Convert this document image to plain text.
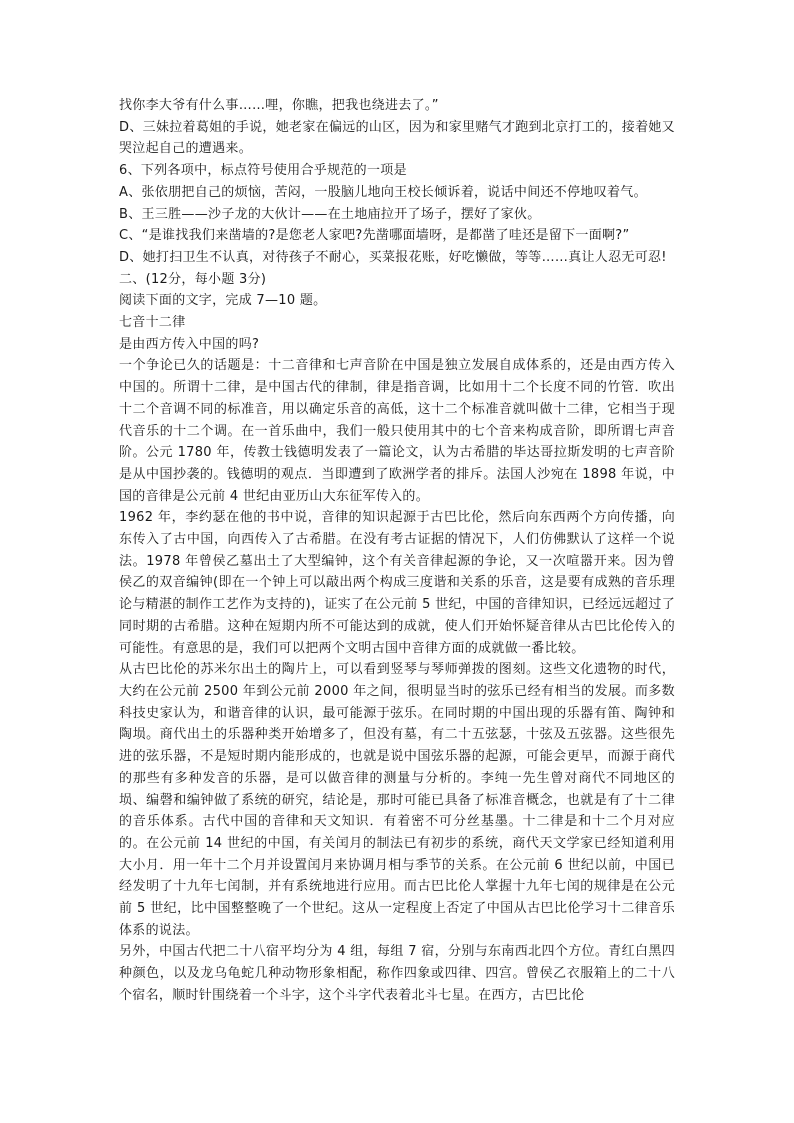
找你李大爷有什么事……哩，你瞧，把我也绕进去了。”

D、三妹拉着葛姐的手说，她老家在偏远的山区，因为和家里赌气才跑到北京打工的，接着她又哭泣起自己的遭遇来。

6、下列各项中，标点符号使用合乎规范的一项是

A、张依朋把自己的烦恼，苦闷，一股脑儿地向王校长倾诉着，说话中间还不停地叹着气。

B、王三胜——沙子龙的大伙计——在土地庙拉开了场子，摆好了家伙。

C、“是谁找我们来凿墙的?是您老人家吧?先凿哪面墙呀，是都凿了哇还是留下一面啊?”

D、她打扫卫生不认真，对待孩子不耐心，买菜报花账，好吃懒做，等等……真让人忍无可忍!

二、(12分，每小题 3分)

阅读下面的文字，完成 7—10 题。

七音十二律

是由西方传入中国的吗?

一个争论已久的话题是：十二音律和七声音阶在中国是独立发展自成体系的，还是由西方传入中国的。所谓十二律，是中国古代的律制，律是指音调，比如用十二个长度不同的竹管．吹出十二个音调不同的标准音，用以确定乐音的高低，这十二个标准音就叫做十二律，它相当于现代音乐的十二个调。在一首乐曲中，我们一般只使用其中的七个音来构成音阶，即所谓七声音阶。公元 1780 年，传教士钱德明发表了一篇论文，认为古希腊的毕达哥拉斯发明的七声音阶是从中国抄袭的。钱德明的观点．当即遭到了欧洲学者的排斥。法国人沙宛在 1898 年说，中国的音律是公元前 4 世纪由亚历山大东征军传入的。

1962 年，李约瑟在他的书中说，音律的知识起源于古巴比伦，然后向东西两个方向传播，向东传入了古中国，向西传入了古希腊。在没有考古证据的情况下，人们仿佛默认了这样一个说法。1978 年曾侯乙墓出土了大型编钟，这个有关音律起源的争论，又一次喧嚣开来。因为曾侯乙的双音编钟(即在一个钟上可以敲出两个构成三度谐和关系的乐音，这是要有成熟的音乐理论与精湛的制作工艺作为支持的)，证实了在公元前 5 世纪，中国的音律知识，已经远远超过了同时期的古希腊。这种在短期内所不可能达到的成就，使人们开始怀疑音律从古巴比伦传入的可能性。有意思的是，我们可以把两个文明古国中音律方面的成就做一番比较。

从古巴比伦的苏米尔出土的陶片上，可以看到竖琴与琴师弹拨的图刻。这些文化遗物的时代，大约在公元前 2500 年到公元前 2000 年之间，很明显当时的弦乐已经有相当的发展。而多数科技史家认为，和谐音律的认识，最可能源于弦乐。在同时期的中国出现的乐器有笛、陶钟和陶埙。商代出土的乐器种类开始增多了，但没有墓，有二十五弦瑟，十弦及五弦器。这些很先进的弦乐器，不是短时期内能形成的，也就是说中国弦乐器的起源，可能会更早，而源于商代的那些有多种发音的乐器，是可以做音律的测量与分析的。李纯一先生曾对商代不同地区的埙、编磬和编钟做了系统的研究，结论是，那时可能已具备了标准音概念，也就是有了十二律的音乐体系。古代中国的音律和天文知识．有着密不可分丝基墨。十二律是和十二个月对应的。在公元前 14 世纪的中国，有关闰月的制法已有初步的系统，商代天文学家已经知道利用大小月．用一年十二个月并设置闰月来协调月相与季节的关系。在公元前 6 世纪以前，中国已经发明了十九年七闰制，并有系统地进行应用。而古巴比伦人掌握十九年七闰的规律是在公元前 5 世纪，比中国整整晚了一个世纪。这从一定程度上否定了中国从古巴比伦学习十二律音乐体系的说法。

另外，中国古代把二十八宿平均分为 4 组，每组 7 宿，分别与东南西北四个方位。青红白黑四种颜色，以及龙乌龟蛇几种动物形象相配，称作四象或四律、四宫。曾侯乙衣服箱上的二十八个宿名，顺时针围绕着一个斗字，这个斗字代表着北斗七星。在西方，古巴比伦
